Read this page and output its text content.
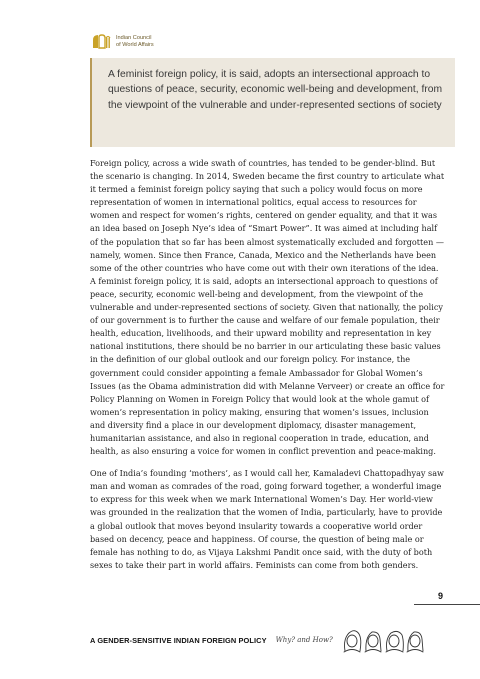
Indian Council
of World Affairs

A feminist foreign policy, it is said, adopts an intersectional approach to questions of peace, security, economic well-being and development, from the viewpoint of the vulnerable and under-represented sections of society

Foreign policy, across a wide swath of countries, has tended to be gender-blind. But the scenario is changing. In 2014, Sweden became the first country to articulate what it termed a feminist foreign policy saying that such a policy would focus on more representation of women in international politics, equal access to resources for women and respect for women’s rights, centered on gender equality, and that it was an idea based on Joseph Nye’s idea of “Smart Power”. It was aimed at including half of the population that so far has been almost systematically excluded and forgotten — namely, women. Since then France, Canada, Mexico and the Netherlands have been some of the other countries who have come out with their own iterations of the idea. A feminist foreign policy, it is said, adopts an intersectional approach to questions of peace, security, economic well-being and development, from the viewpoint of the vulnerable and under-represented sections of society. Given that nationally, the policy of our government is to further the cause and welfare of our female population, their health, education, livelihoods, and their upward mobility and representation in key national institutions, there should be no barrier in our articulating these basic values in the definition of our global outlook and our foreign policy. For instance, the government could consider appointing a female Ambassador for Global Women’s Issues (as the Obama administration did with Melanne Verveer) or create an office for Policy Planning on Women in Foreign Policy that would look at the whole gamut of women’s representation in policy making, ensuring that women’s issues, inclusion and diversity find a place in our development diplomacy, disaster management, humanitarian assistance, and also in regional cooperation in trade, education, and health, as also ensuring a voice for women in conflict prevention and peace-making.

One of India’s founding ‘mothers’, as I would call her, Kamaladevi Chattopadhyay saw man and woman as comrades of the road, going forward together, a wonderful image to express for this week when we mark International Women’s Day. Her world-view was grounded in the realization that the women of India, particularly, have to provide a global outlook that moves beyond insularity towards a cooperative world order based on decency, peace and happiness. Of course, the question of being male or female has nothing to do, as Vijaya Lakshmi Pandit once said, with the duty of both sexes to take their part in world affairs. Feminists can come from both genders.

9
A GENDER-SENSITIVE INDIAN FOREIGN POLICY Why? and How?
